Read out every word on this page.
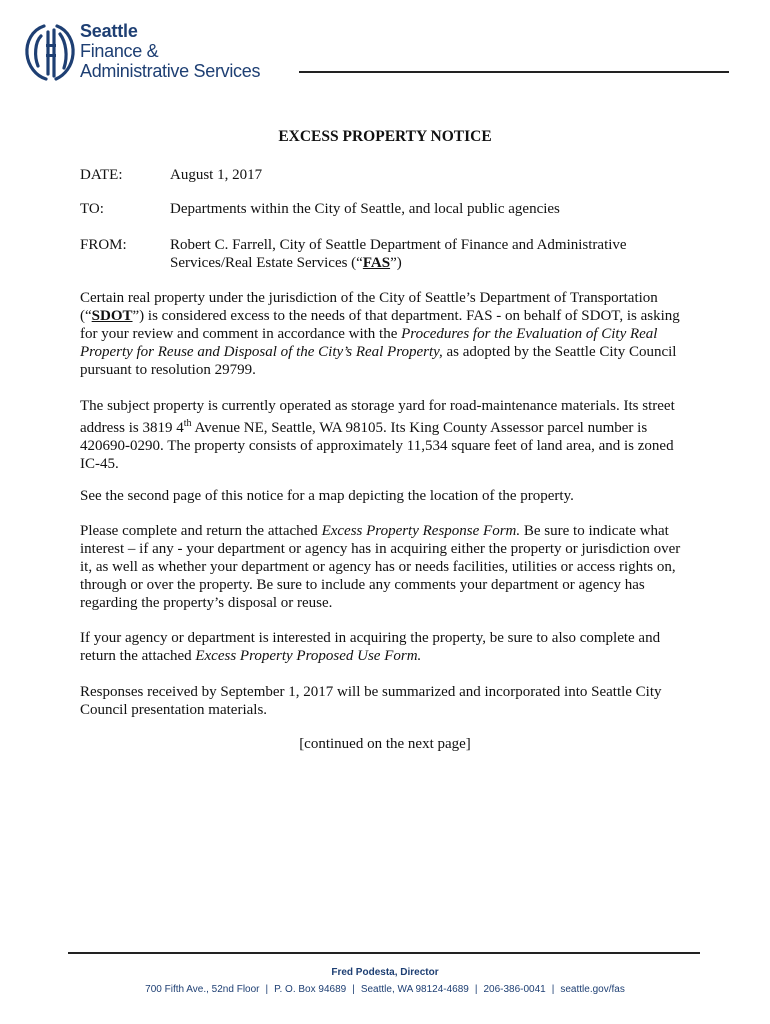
Seattle
Finance &
Administrative Services
EXCESS PROPERTY NOTICE
DATE:	August 1, 2017
TO:	Departments within the City of Seattle, and local public agencies
FROM:	Robert C. Farrell, City of Seattle Department of Finance and Administrative Services/Real Estate Services (“FAS”)
Certain real property under the jurisdiction of the City of Seattle’s Department of Transportation (“SDOT”) is considered excess to the needs of that department. FAS - on behalf of SDOT, is asking for your review and comment in accordance with the Procedures for the Evaluation of City Real Property for Reuse and Disposal of the City’s Real Property, as adopted by the Seattle City Council pursuant to resolution 29799.
The subject property is currently operated as storage yard for road-maintenance materials. Its street address is 3819 4th Avenue NE, Seattle, WA 98105. Its King County Assessor parcel number is 420690-0290. The property consists of approximately 11,534 square feet of land area, and is zoned IC-45.
See the second page of this notice for a map depicting the location of the property.
Please complete and return the attached Excess Property Response Form. Be sure to indicate what interest – if any - your department or agency has in acquiring either the property or jurisdiction over it, as well as whether your department or agency has or needs facilities, utilities or access rights on, through or over the property. Be sure to include any comments your department or agency has regarding the property’s disposal or reuse.
If your agency or department is interested in acquiring the property, be sure to also complete and return the attached Excess Property Proposed Use Form.
Responses received by September 1, 2017 will be summarized and incorporated into Seattle City Council presentation materials.
[continued on the next page]
Fred Podesta, Director
700 Fifth Ave., 52nd Floor | P. O. Box 94689 | Seattle, WA 98124-4689 | 206-386-0041 | seattle.gov/fas
